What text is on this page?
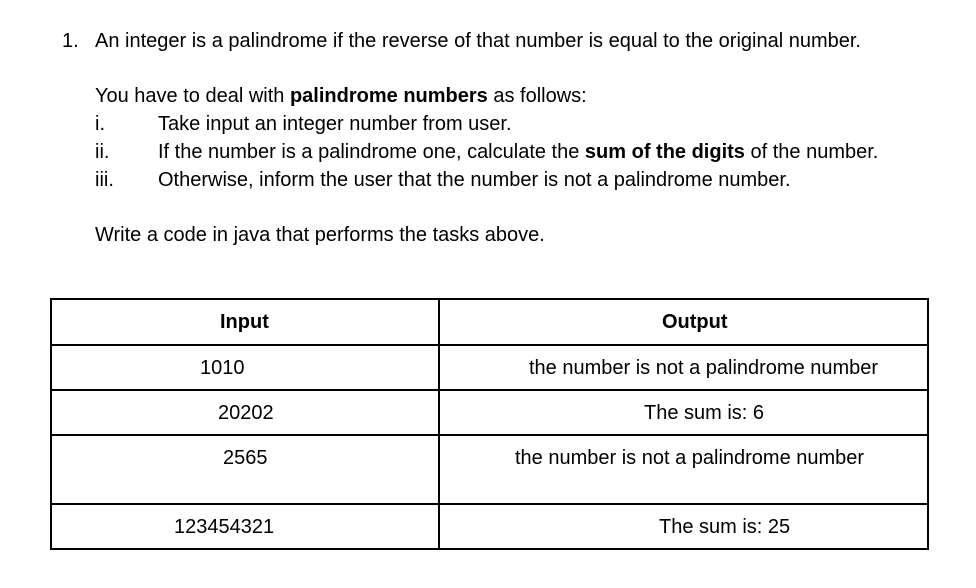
1. An integer is a palindrome if the reverse of that number is equal to the original number.
You have to deal with palindrome numbers as follows:
i.	Take input an integer number from user.
ii. If the number is a palindrome one, calculate the sum of the digits of the number.
iii. Otherwise, inform the user that the number is not a palindrome number.
Write a code in java that performs the tasks above.
Input	Output

1010	the number is not a palindrome number

20202	The sum is: 6

2565	the number is not a palindrome number

123454321	The sum is: 25
